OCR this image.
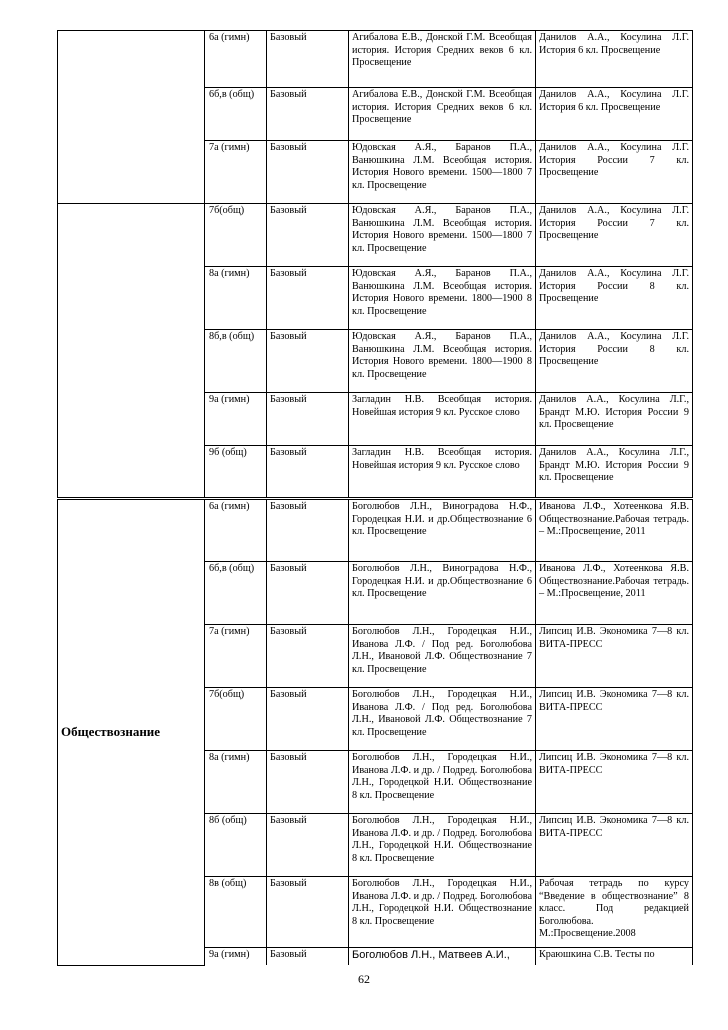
	6а (гимн)	Базовый	Агибалова Е.В., Донской Г.М. Всеобщая история. История Средних веков 6 кл. Просвещение	Данилов А.А., Косулина Л.Г. История 6 кл. Просвещение
	6б,в (общ)	Базовый	Агибалова Е.В., Донской Г.М. Всеобщая история. История Средних веков 6 кл. Просвещение	Данилов А.А., Косулина Л.Г. История 6 кл. Просвещение
	7а (гимн)	Базовый	Юдовская А.Я., Баранов П.А., Ванюшкина Л.М. Всеобщая история. История Нового времени. 1500—1800 7 кл. Просвещение	Данилов А.А., Косулина Л.Г. История России 7 кл. Просвещение
	7б(общ)	Базовый	Юдовская А.Я., Баранов П.А., Ванюшкина Л.М. Всеобщая история. История Нового времени. 1500—1800 7 кл. Просвещение	Данилов А.А., Косулина Л.Г. История России 7 кл. Просвещение
	8а (гимн)	Базовый	Юдовская А.Я., Баранов П.А., Ванюшкина Л.М. Всеобщая история. История Нового времени. 1800—1900 8 кл. Просвещение	Данилов А.А., Косулина Л.Г. История России 8 кл. Просвещение
	8б,в (общ)	Базовый	Юдовская А.Я., Баранов П.А., Ванюшкина Л.М. Всеобщая история. История Нового времени. 1800—1900 8 кл. Просвещение	Данилов А.А., Косулина Л.Г. История России 8 кл. Просвещение
	9а (гимн)	Базовый	Загладин Н.В. Всеобщая история. Новейшая история 9 кл. Русское слово	Данилов А.А., Косулина Л.Г., Брандт М.Ю. История России 9 кл. Просвещение
	9б (общ)	Базовый	Загладин Н.В. Всеобщая история. Новейшая история 9 кл. Русское слово	Данилов А.А., Косулина Л.Г., Брандт М.Ю. История России 9 кл. Просвещение
Обществознание	6а (гимн)	Базовый	Боголюбов Л.Н., Виноградова Н.Ф., Городецкая Н.И. и др.Обществознание 6 кл. Просвещение	Иванова Л.Ф., Хотеенкова Я.В. Обществознание.Рабочая тетрадь. – М.:Просвещение, 2011
	6б,в (общ)	Базовый	Боголюбов Л.Н., Виноградова Н.Ф., Городецкая Н.И. и др.Обществознание 6 кл. Просвещение	Иванова Л.Ф., Хотеенкова Я.В. Обществознание.Рабочая тетрадь. – М.:Просвещение, 2011
	7а (гимн)	Базовый	Боголюбов Л.Н., Городецкая Н.И., Иванова Л.Ф. / Под ред. Боголюбова Л.Н., Ивановой Л.Ф. Обществознание 7 кл. Просвещение	Липсиц И.В. Экономика 7—8 кл. ВИТА-ПРЕСС
	7б(общ)	Базовый	Боголюбов Л.Н., Городецкая Н.И., Иванова Л.Ф. / Под ред. Боголюбова Л.Н., Ивановой Л.Ф. Обществознание 7 кл. Просвещение	Липсиц И.В. Экономика 7—8 кл. ВИТА-ПРЕСС
	8а (гимн)	Базовый	Боголюбов Л.Н., Городецкая Н.И., Иванова Л.Ф. и др. / Подред. Боголюбова Л.Н., Городецкой Н.И. Обществознание 8 кл. Просвещение	Липсиц И.В. Экономика 7—8 кл. ВИТА-ПРЕСС
	8б (общ)	Базовый	Боголюбов Л.Н., Городецкая Н.И., Иванова Л.Ф. и др. / Подред. Боголюбова Л.Н., Городецкой Н.И. Обществознание 8 кл. Просвещение	Липсиц И.В. Экономика 7—8 кл. ВИТА-ПРЕСС
	8в (общ)	Базовый	Боголюбов Л.Н., Городецкая Н.И., Иванова Л.Ф. и др. / Подред. Боголюбова Л.Н., Городецкой Н.И. Обществознание 8 кл. Просвещение	Рабочая тетрадь по курсу “Введение в обществознание” 8 класс. Под редакцией Боголюбова. М.:Просвещение.2008
	9а (гимн)	Базовый	Боголюбов Л.Н., Матвеев А.И.,	Краюшкина С.В. Тесты по
62
